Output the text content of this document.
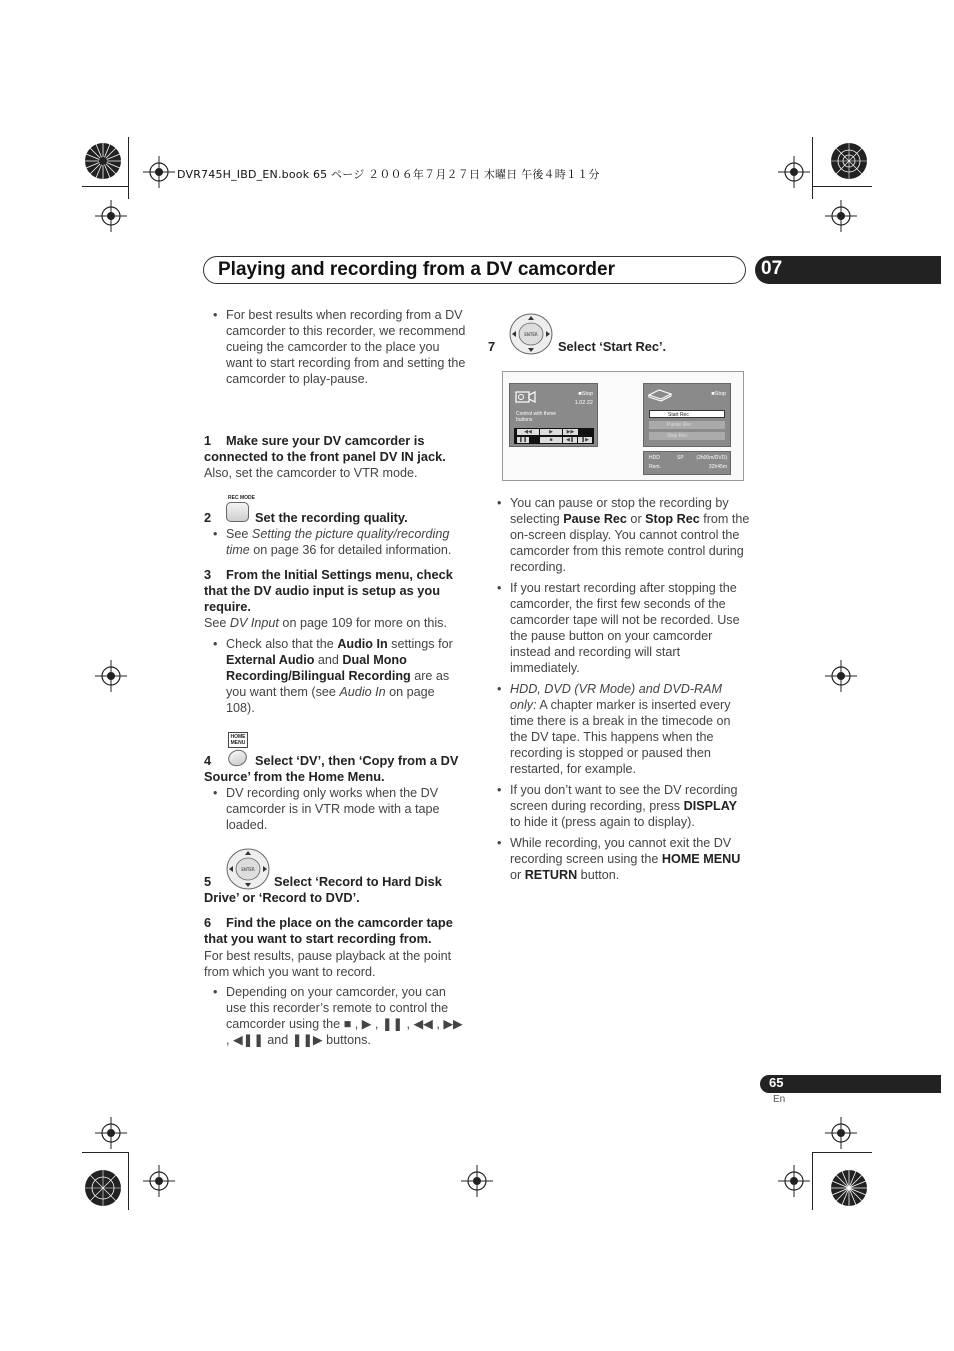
DVR745H_IBD_EN.book 65 ページ ２００６年７月２７日 木曜日 午後４時１１分
Playing and recording from a DV camcorder	07

• For best results when recording from a DV camcorder to this recorder, we recommend cueing the camcorder to the place you want to start recording from and setting the camcorder to play-pause.

1 Make sure your DV camcorder is connected to the front panel DV IN jack.

Also, set the camcorder to VTR mode.

REC MODE

2	Set the recording quality.

• See Setting the picture quality/recording time on page 36 for detailed information.

3 From the Initial Settings menu, check that the DV audio input is setup as you require.

See DV Input on page 109 for more on this.

• Check also that the Audio In settings for External Audio and Dual Mono Recording/Bilingual Recording are as you want them (see Audio In on page 108).

HOME
MENU

4	Select ‘DV’, then ‘Copy from a DV Source’ from the Home Menu.

• DV recording only works when the DV camcorder is in VTR mode with a tape loaded.

ENTER

5	Select ‘Record to Hard Disk Drive’ or ‘Record to DVD’.

6 Find the place on the camcorder tape that you want to start recording from.

For best results, pause playback at the point from which you want to record.

• Depending on your camcorder, you can use this recorder’s remote to control the camcorder using the ■ , ▶ , ❚❚ , ◀◀ , ▶▶ , ◀❚❚ and ❚❚▶ buttons.

ENTER

7	Select ‘Start Rec’.

■Stop
1.02.22
Control with these buttons
◀◀	▶	▶▶
❚❚	■	◀❚	❚▶
■Stop
Start Rec
Pause Rec
Stop Rec
HDD	SP	(2h00m/DVD)
Rem.	32h45m

• You can pause or stop the recording by selecting Pause Rec or Stop Rec from the on-screen display. You cannot control the camcorder from this remote control during recording.

• If you restart recording after stopping the camcorder, the first few seconds of the camcorder tape will not be recorded. Use the pause button on your camcorder instead and recording will start immediately.

• HDD, DVD (VR Mode) and DVD-RAM only: A chapter marker is inserted every time there is a break in the timecode on the DV tape. This happens when the recording is stopped or paused then restarted, for example.

• If you don’t want to see the DV recording screen during recording, press DISPLAY to hide it (press again to display).

• While recording, you cannot exit the DV recording screen using the HOME MENU or RETURN button.

65
En
